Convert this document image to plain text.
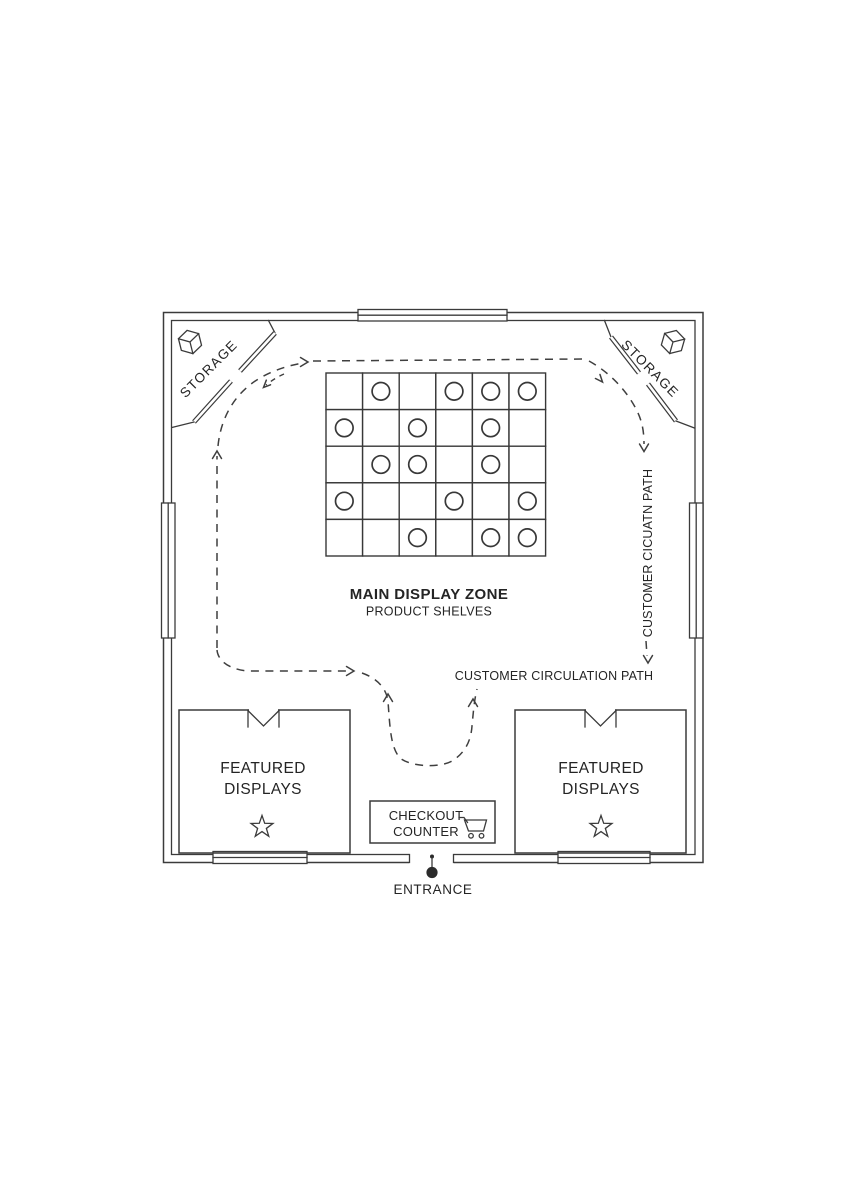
STORAGE	STORAGE
MAIN DISPLAY ZONE
PRODUCT SHELVES
CUSTOMER CIRCULATION PATH
CUSTOMER CICUATN PATH
FEATURED
DISPLAYS
FEATURED
DISPLAYS
CHECKOUT
COUNTER
ENTRANCE
